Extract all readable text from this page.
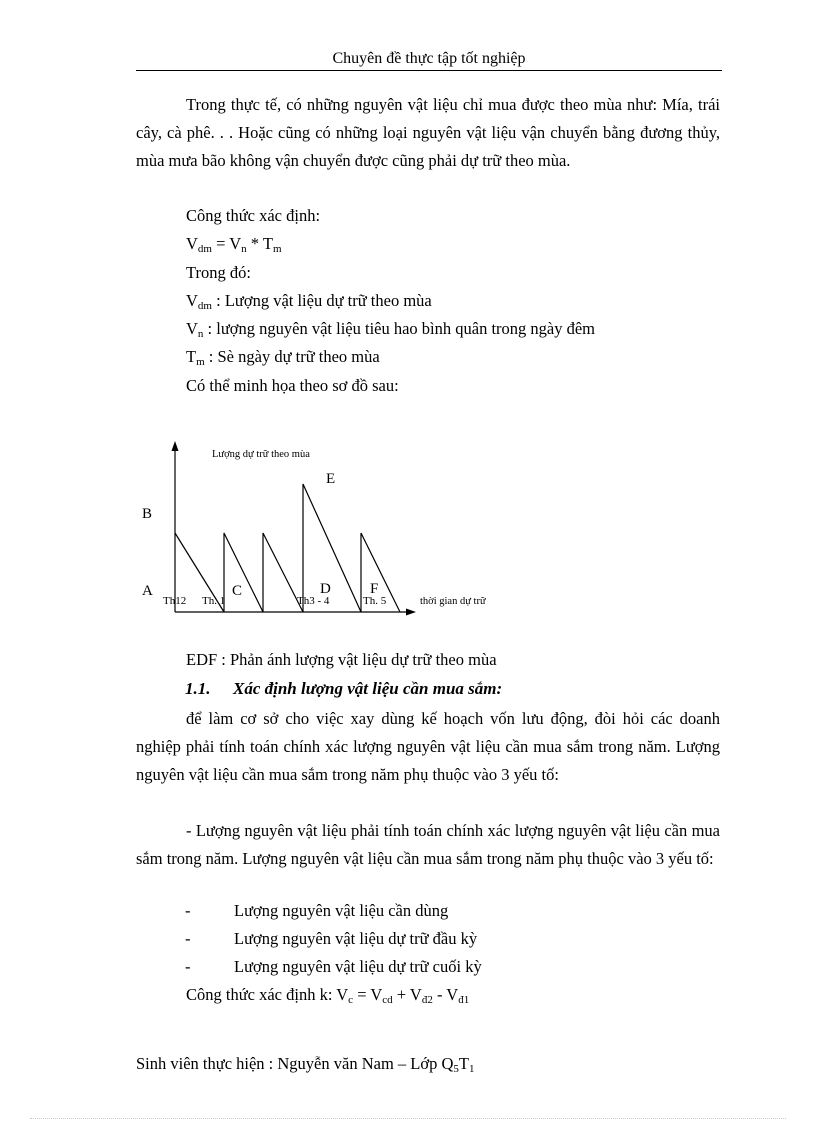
Chuyên đề thực tập tốt nghiệp
Trong thực tế, có những nguyên vật liệu chỉ mua được theo mùa như: Mía, trái cây, cà phê. . . Hoặc cũng có những loại nguyên vật liệu vận chuyển bằng đương thủy, mùa mưa bão không vận chuyển được cũng phải dự trữ theo mùa.
Công thức xác định:
$V_{dm} = V_n * T_m$
Trong đó:
$V_{dm}$ : Lượng vật liệu dự trữ theo mùa
$V_n$ : lượng nguyên vật liệu tiêu hao bình quân trong ngày đêm
$T_m$ : Sè ngày dự trữ theo mùa
Có thể minh họa theo sơ đồ sau:
Lượng dự trữ theo mùa
B
A
E
C	D	F
Th12 Th. 1	Th3 - 4	Th. 5	thời gian dự trữ
EDF : Phản ánh lượng vật liệu dự trữ theo mùa
1.1. Xác định lượng vật liệu cần mua sắm:
để làm cơ sở cho việc xay dùng kế hoạch vốn lưu động, đòi hỏi các doanh nghiệp phải tính toán chính xác lượng nguyên vật liệu cần mua sắm trong năm. Lượng nguyên vật liệu cần mua sắm trong năm phụ thuộc vào 3 yếu tố:
- Lượng nguyên vật liệu phải tính toán chính xác lượng nguyên vật liệu cần mua sắm trong năm. Lượng nguyên vật liệu cần mua sắm trong năm phụ thuộc vào 3 yếu tố:
-	Lượng nguyên vật liệu cần dùng
-	Lượng nguyên vật liệu dự trữ đầu kỳ
-	Lượng nguyên vật liệu dự trữ cuối kỳ
Công thức xác định k: $V_c = V_{cd} + V_{đ2} - V_{đ1}$
Sinh viên thực hiện : Nguyễn văn Nam – Lớp $Q_5T_1$
